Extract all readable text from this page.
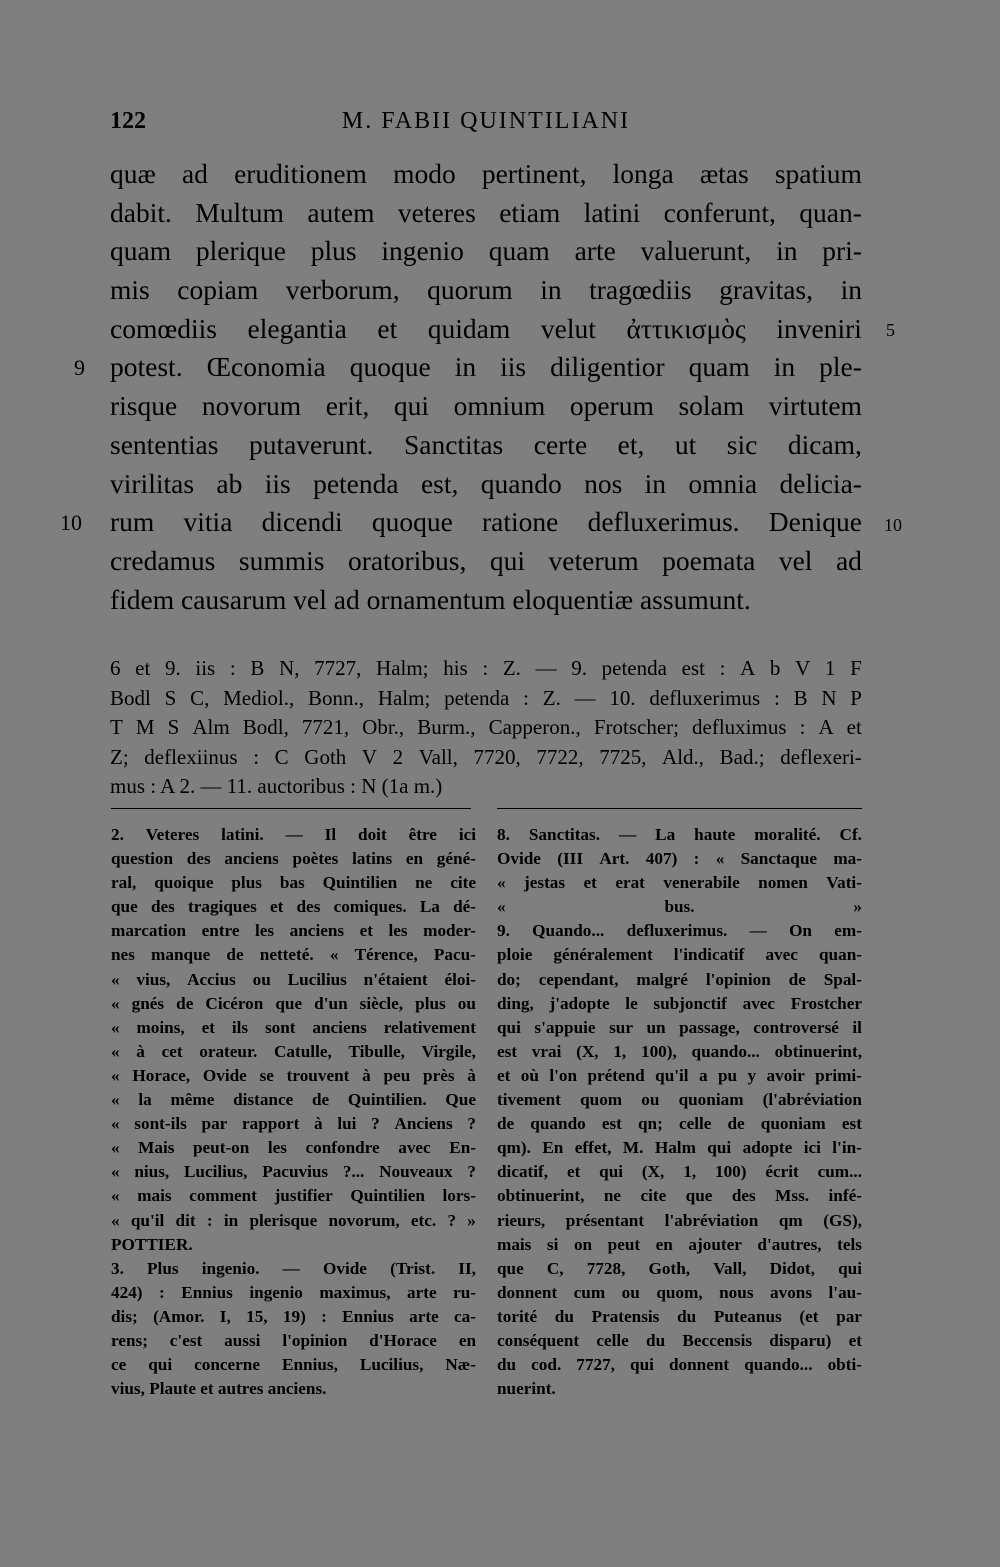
122	M. FABII QUINTILIANI
quæ ad eruditionem modo pertinent, longa ætas spatium
dabit. Multum autem veteres etiam latini conferunt, quan-
quam plerique plus ingenio quam arte valuerunt, in pri-
mis copiam verborum, quorum in tragœdiis gravitas, in
comœdiis elegantia et quidam velut ἀττικισμὸς inveniri
potest. Œconomia quoque in iis diligentior quam in ple-
risque novorum erit, qui omnium operum solam virtutem
sententias putaverunt. Sanctitas certe et, ut sic dicam,
virilitas ab iis petenda est, quando nos in omnia delicia-
rum vitia dicendi quoque ratione defluxerimus. Denique
credamus summis oratoribus, qui veterum poemata vel ad
fidem causarum vel ad ornamentum eloquentiæ assumunt.
9
10
5
10
6 et 9. iis : B N, 7727, Halm; his : Z. — 9. petenda est : A b V 1 F
Bodl S C, Mediol., Bonn., Halm; petenda : Z. — 10. defluxerimus : B N P
T M S Alm Bodl, 7721, Obr., Burm., Capperon., Frotscher; defluximus : A et
Z; deflexiinus : C Goth V 2 Vall, 7720, 7722, 7725, Ald., Bad.; deflexeri-
mus : A 2. — 11. auctoribus : N (1a m.)
2. Veteres latini. — Il doit être ici
question des anciens poètes latins en géné-
ral, quoique plus bas Quintilien ne cite
que des tragiques et des comiques. La dé-
marcation entre les anciens et les moder-
nes manque de netteté. « Térence, Pacu-
« vius, Accius ou Lucilius n'étaient éloi-
« gnés de Cicéron que d'un siècle, plus ou
« moins, et ils sont anciens relativement
« à cet orateur. Catulle, Tibulle, Virgile,
« Horace, Ovide se trouvent à peu près à
« la même distance de Quintilien. Que
« sont-ils par rapport à lui ? Anciens ?
« Mais peut-on les confondre avec En-
« nius, Lucilius, Pacuvius ?... Nouveaux ?
« mais comment justifier Quintilien lors-
« qu'il dit : in plerisque novorum, etc. ? »
POTTIER.
3. Plus ingenio. — Ovide (Trist. II,
424) : Ennius ingenio maximus, arte ru-
dis; (Amor. I, 15, 19) : Ennius arte ca-
rens; c'est aussi l'opinion d'Horace en
ce qui concerne Ennius, Lucilius, Næ-
vius, Plaute et autres anciens.
8. Sanctitas. — La haute moralité. Cf.
Ovide (III Art. 407) : « Sanctaque ma-
« jestas et erat venerabile nomen Vati-
«	bus.	»
9. Quando... defluxerimus. — On em-
ploie généralement l'indicatif avec quan-
do; cependant, malgré l'opinion de Spal-
ding, j'adopte le subjonctif avec Frostcher
qui s'appuie sur un passage, controversé il
est vrai (X, 1, 100), quando... obtinuerint,
et où l'on prétend qu'il a pu y avoir primi-
tivement quom ou quoniam (l'abréviation
de quando est qn; celle de quoniam est
qm). En effet, M. Halm qui adopte ici l'in-
dicatif, et qui (X, 1, 100) écrit cum...
obtinuerint, ne cite que des Mss. infé-
rieurs, présentant l'abréviation qm (GS),
mais si on peut en ajouter d'autres, tels
que C, 7728, Goth, Vall, Didot, qui
donnent cum ou quom, nous avons l'au-
torité du Pratensis du Puteanus (et par
conséquent celle du Beccensis disparu) et
du cod. 7727, qui donnent quando... obti-
nuerint.
